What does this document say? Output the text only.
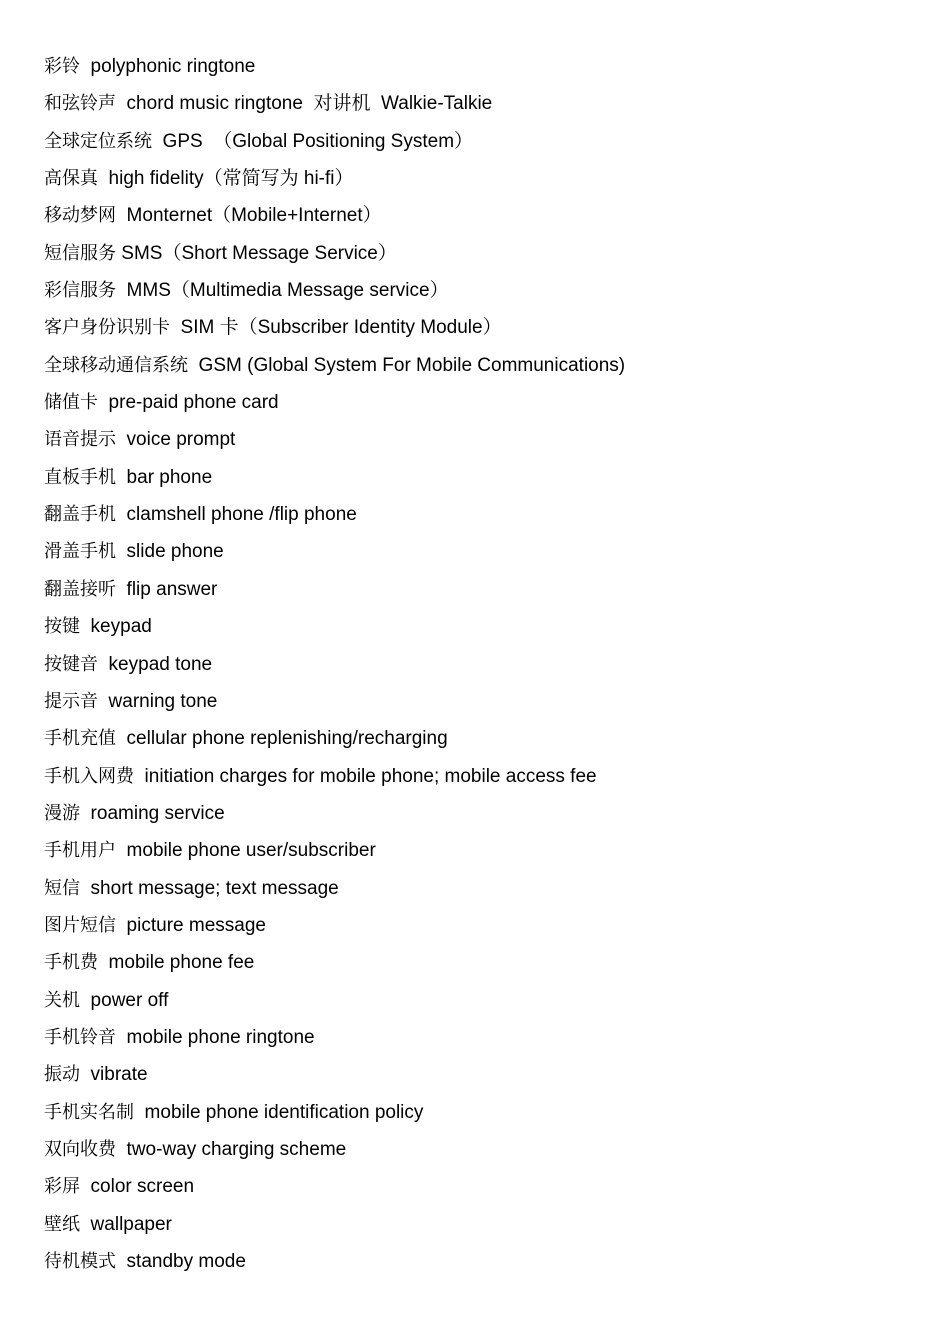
彩铃  polyphonic ringtone
和弦铃声  chord music ringtone  对讲机  Walkie-Talkie
全球定位系统  GPS  （Global Positioning System）
高保真  high fidelity（常简写为 hi-fi）
移动梦网  Monternet（Mobile+Internet）
短信服务 SMS（Short Message Service）
彩信服务  MMS（Multimedia Message service）
客户身份识别卡  SIM 卡（Subscriber Identity Module）
全球移动通信系统  GSM (Global System For Mobile Communications)
储值卡  pre-paid phone card
语音提示  voice prompt
直板手机  bar phone
翻盖手机  clamshell phone /flip phone
滑盖手机  slide phone
翻盖接听  flip answer
按键  keypad
按键音  keypad tone
提示音  warning tone
手机充值  cellular phone replenishing/recharging
手机入网费  initiation charges for mobile phone; mobile access fee
漫游  roaming service
手机用户  mobile phone user/subscriber
短信  short message; text message
图片短信  picture message
手机费  mobile phone fee
关机  power off
手机铃音  mobile phone ringtone
振动  vibrate
手机实名制  mobile phone identification policy
双向收费  two-way charging scheme
彩屏  color screen
壁纸  wallpaper
待机模式  standby mode
